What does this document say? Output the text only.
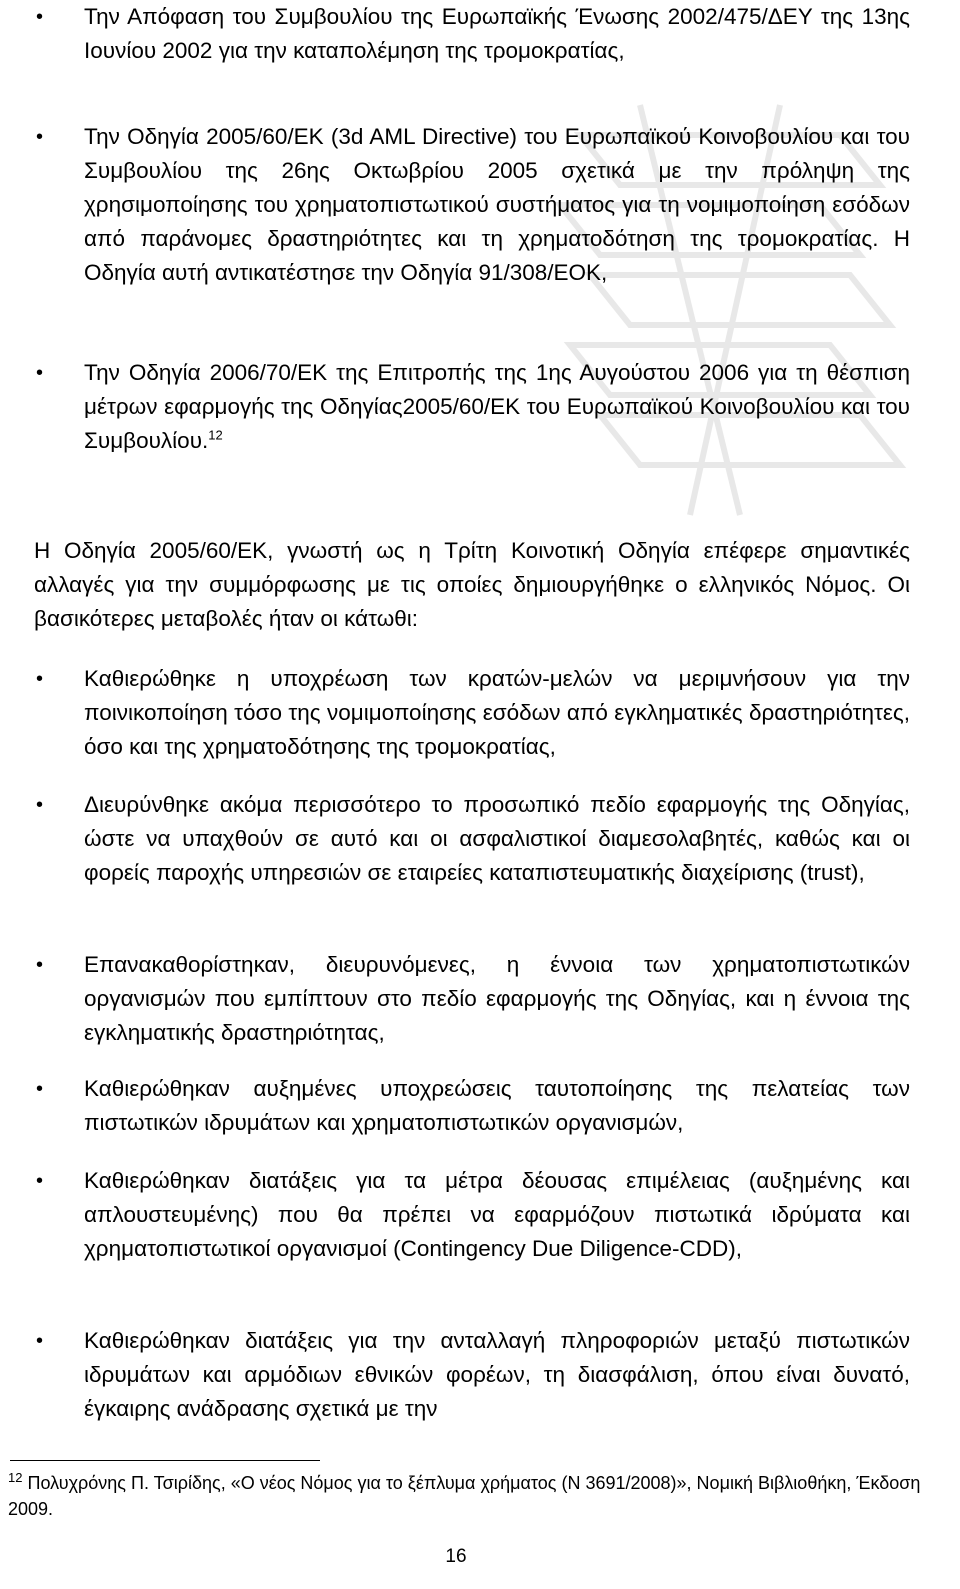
• Την Απόφαση του Συμβουλίου της Ευρωπαϊκής Ένωσης 2002/475/ΔΕΥ της 13ης Ιουνίου 2002 για την καταπολέμηση της τρομοκρατίας,
• Την Οδηγία 2005/60/ΕΚ (3d AML Directive) του Ευρωπαϊκού Κοινοβουλίου και του Συμβουλίου της 26ης Οκτωβρίου 2005 σχετικά με την πρόληψη της χρησιμοποίησης του χρηματοπιστωτικού συστήματος για τη νομιμοποίηση εσόδων από παράνομες δραστηριότητες και τη χρηματοδότηση της τρομοκρατίας. Η Οδηγία αυτή αντικατέστησε την Οδηγία 91/308/ΕΟΚ,
• Την Οδηγία 2006/70/ΕΚ της Επιτροπής της 1ης Αυγούστου 2006 για τη θέσπιση μέτρων εφαρμογής της Οδηγίας2005/60/ΕΚ του Ευρωπαϊκού Κοινοβουλίου και του Συμβουλίου.$^{12}$

Η Οδηγία 2005/60/ΕΚ, γνωστή ως η Τρίτη Κοινοτική Οδηγία επέφερε σημαντικές αλλαγές για την συμμόρφωσης με τις οποίες δημιουργήθηκε ο ελληνικός Νόμος. Οι βασικότερες μεταβολές ήταν οι κάτωθι:

• Καθιερώθηκε η υποχρέωση των κρατών-μελών να μεριμνήσουν για την ποινικοποίηση τόσο της νομιμοποίησης εσόδων από εγκληματικές δραστηριότητες, όσο και της χρηματοδότησης της τρομοκρατίας,
• Διευρύνθηκε ακόμα περισσότερο το προσωπικό πεδίο εφαρμογής της Οδηγίας, ώστε να υπαχθούν σε αυτό και οι ασφαλιστικοί διαμεσολαβητές, καθώς και οι φορείς παροχής υπηρεσιών σε εταιρείες καταπιστευματικής διαχείρισης (trust),
• Επανακαθορίστηκαν, διευρυνόμενες, η έννοια των χρηματοπιστωτικών οργανισμών που εμπίπτουν στο πεδίο εφαρμογής της Οδηγίας, και η έννοια της εγκληματικής δραστηριότητας,
• Καθιερώθηκαν αυξημένες υποχρεώσεις ταυτοποίησης της πελατείας των πιστωτικών ιδρυμάτων και χρηματοπιστωτικών οργανισμών,
• Καθιερώθηκαν διατάξεις για τα μέτρα δέουσας επιμέλειας (αυξημένης και απλουστευμένης) που θα πρέπει να εφαρμόζουν πιστωτικά ιδρύματα και χρηματοπιστωτικοί οργανισμοί (Contingency Due Diligence-CDD),
• Καθιερώθηκαν διατάξεις για την ανταλλαγή πληροφοριών μεταξύ πιστωτικών ιδρυμάτων και αρμόδιων εθνικών φορέων, τη διασφάλιση, όπου είναι δυνατό, έγκαιρης ανάδρασης σχετικά με την

$^{12}$ Πολυχρόνης Π. Τσιρίδης, «Ο νέος Νόμος για το ξέπλυμα χρήματος (Ν 3691/2008)», Νομική Βιβλιοθήκη, Έκδοση 2009.

16
